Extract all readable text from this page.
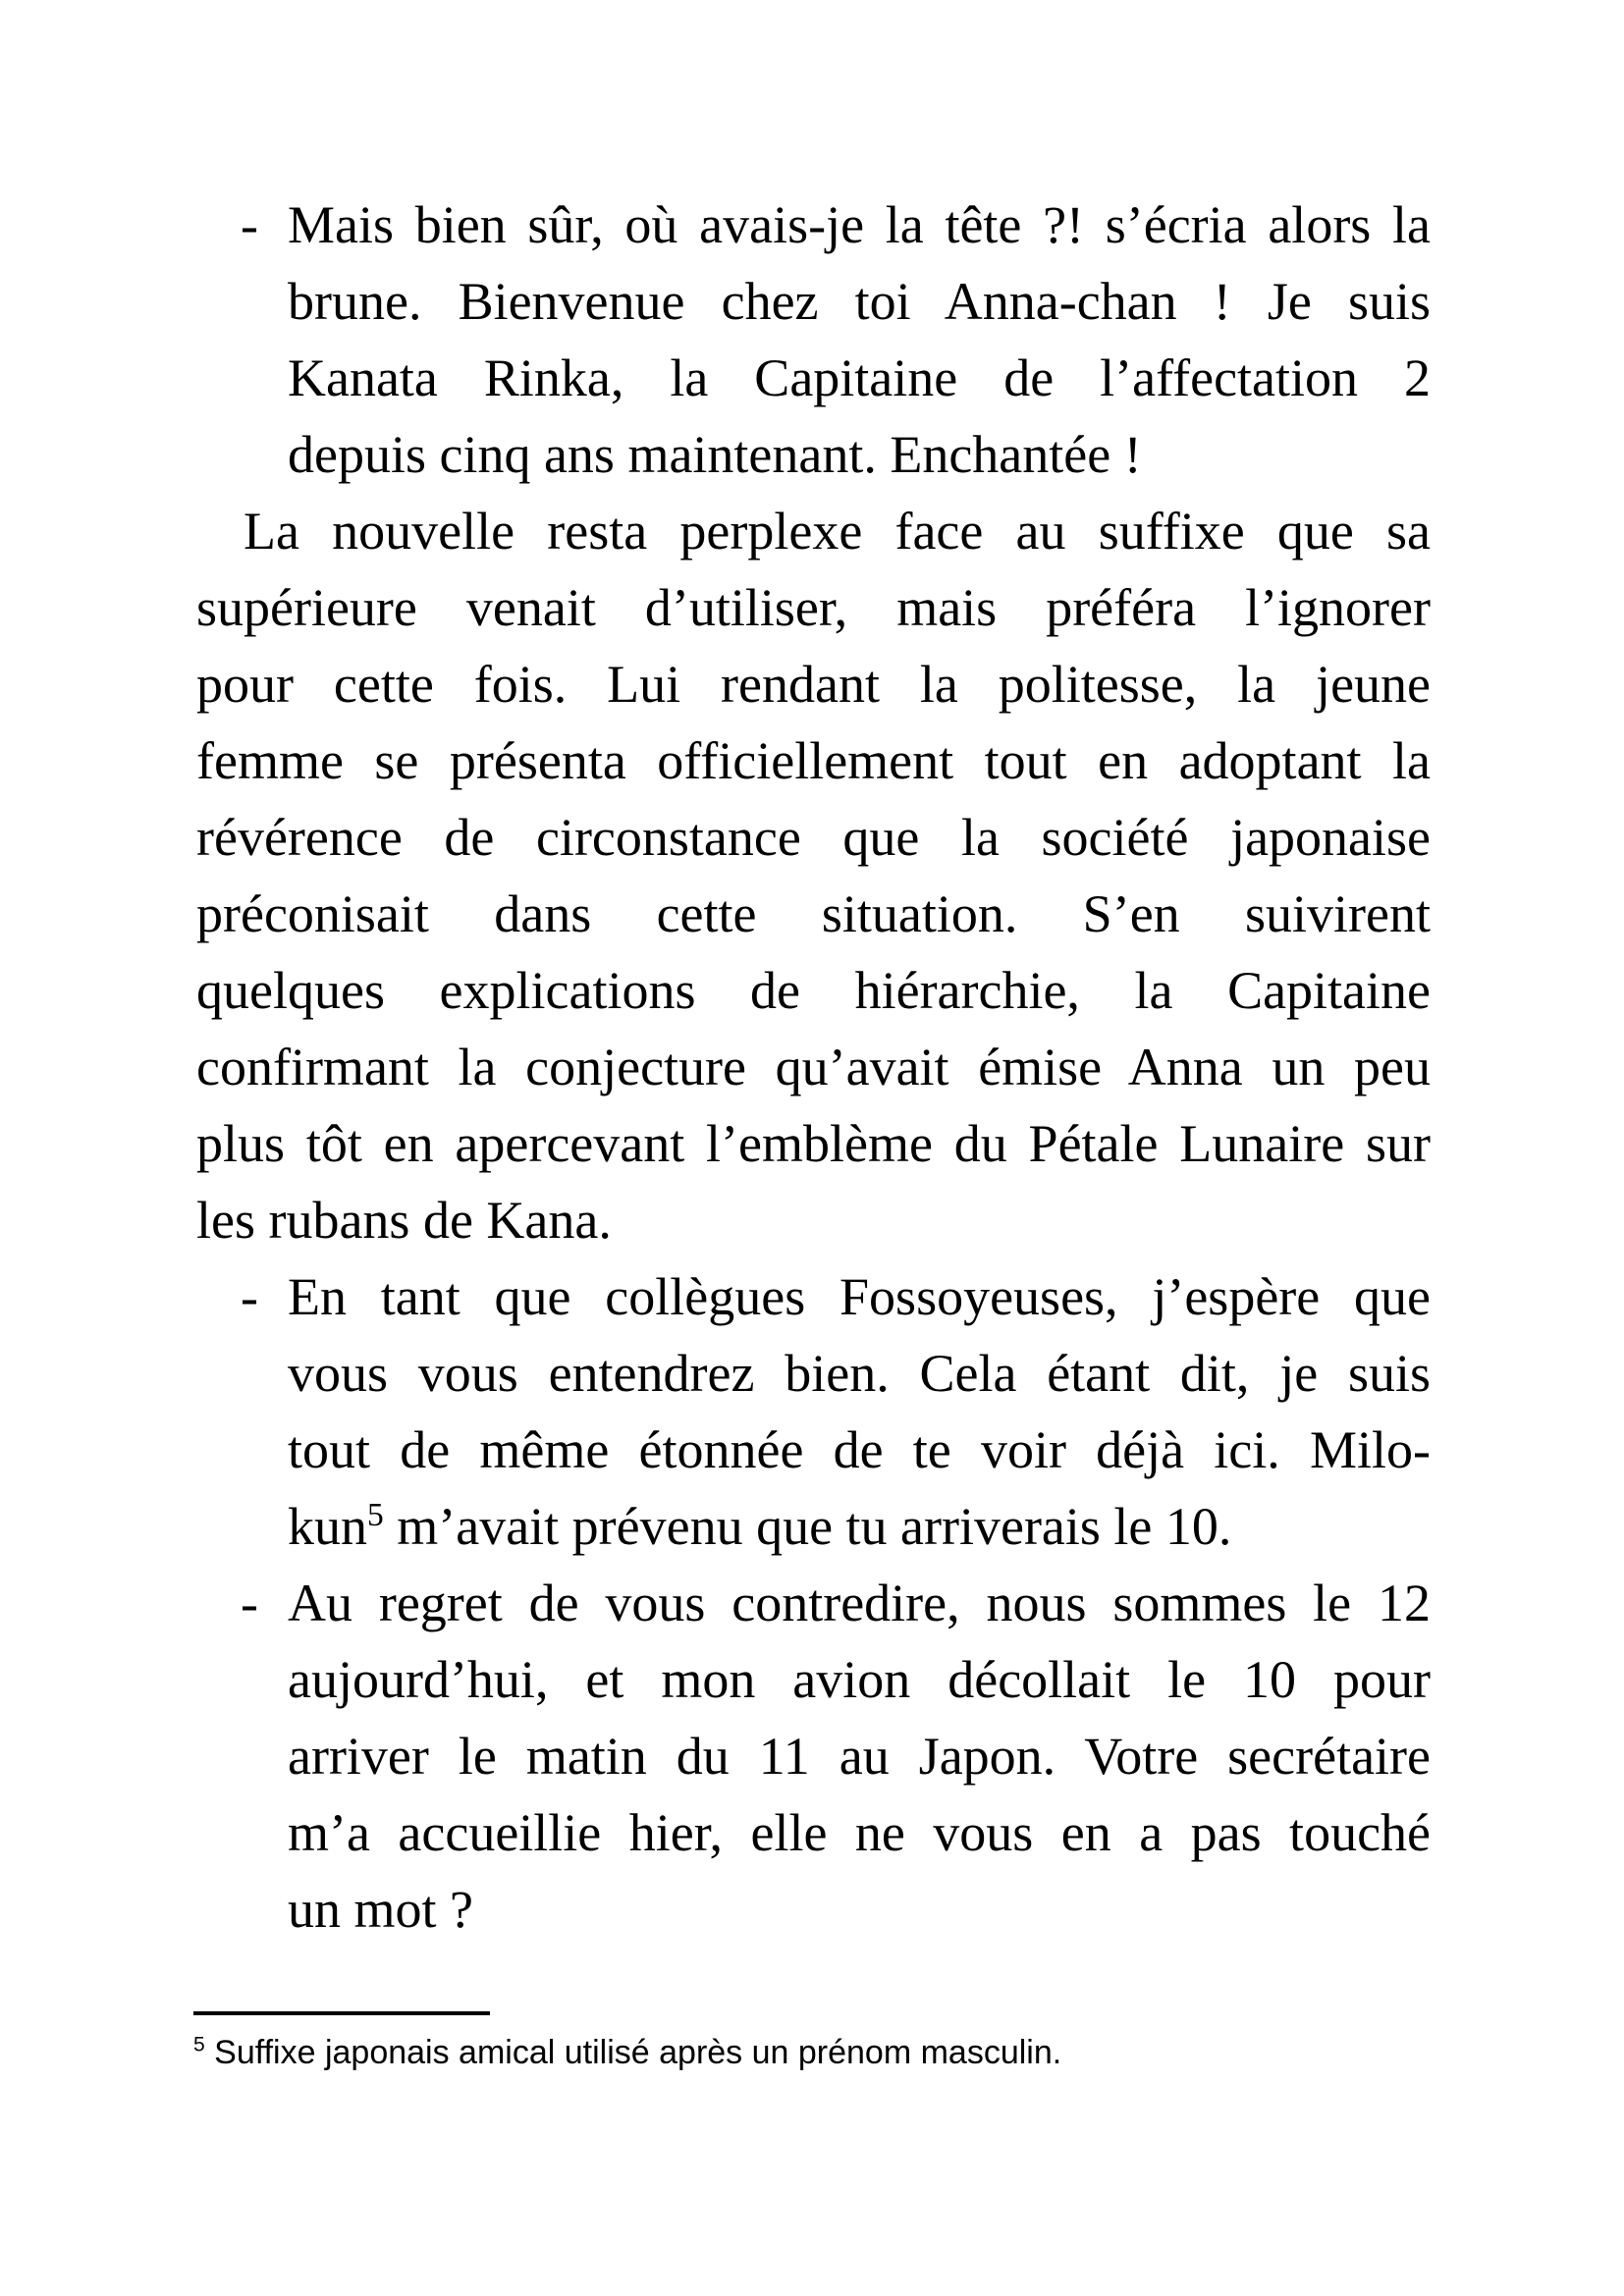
- Mais bien sûr, où avais-je la tête ?! s’écria alors la
brune. Bienvenue chez toi Anna-chan ! Je suis
Kanata Rinka, la Capitaine de l’affectation 2
depuis cinq ans maintenant. Enchantée !
La nouvelle resta perplexe face au suffixe que sa
supérieure venait d’utiliser, mais préféra l’ignorer
pour cette fois. Lui rendant la politesse, la jeune
femme se présenta officiellement tout en adoptant la
révérence de circonstance que la société japonaise
préconisait dans cette situation. S’en suivirent
quelques explications de hiérarchie, la Capitaine
confirmant la conjecture qu’avait émise Anna un peu
plus tôt en apercevant l’emblème du Pétale Lunaire sur
les rubans de Kana.
- En tant que collègues Fossoyeuses, j’espère que
vous vous entendrez bien. Cela étant dit, je suis
tout de même étonnée de te voir déjà ici. Milo-
kun$^5$ m’avait prévenu que tu arriverais le 10.
- Au regret de vous contredire, nous sommes le 12
aujourd’hui, et mon avion décollait le 10 pour
arriver le matin du 11 au Japon. Votre secrétaire
m’a accueillie hier, elle ne vous en a pas touché
un mot ?
$^5$ Suffixe japonais amical utilisé après un prénom masculin.
